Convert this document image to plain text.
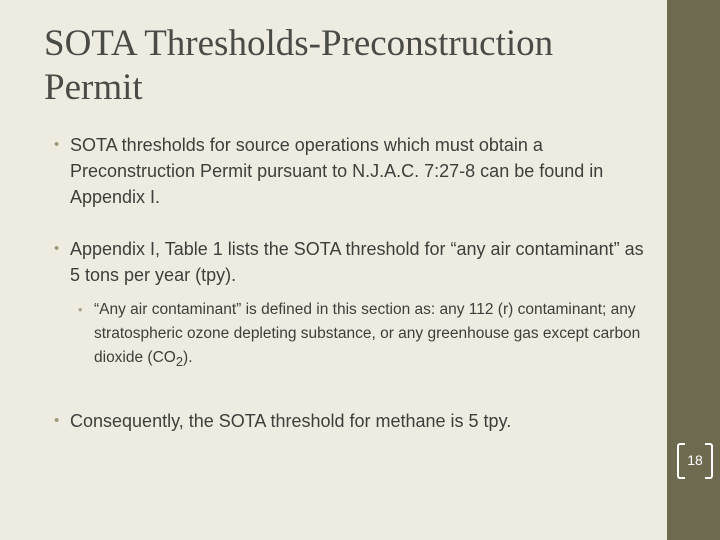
SOTA Thresholds-Preconstruction Permit
• SOTA thresholds for source operations which must obtain a Preconstruction Permit pursuant to N.J.A.C. 7:27-8 can be found in Appendix I.
• Appendix I, Table 1 lists the SOTA threshold for “any air contaminant” as 5 tons per year (tpy).
• “Any air contaminant” is defined in this section as: any 112 (r) contaminant; any stratospheric ozone depleting substance, or any greenhouse gas except carbon dioxide $(CO_2)$.
• Consequently, the SOTA threshold for methane is 5 tpy.
18
